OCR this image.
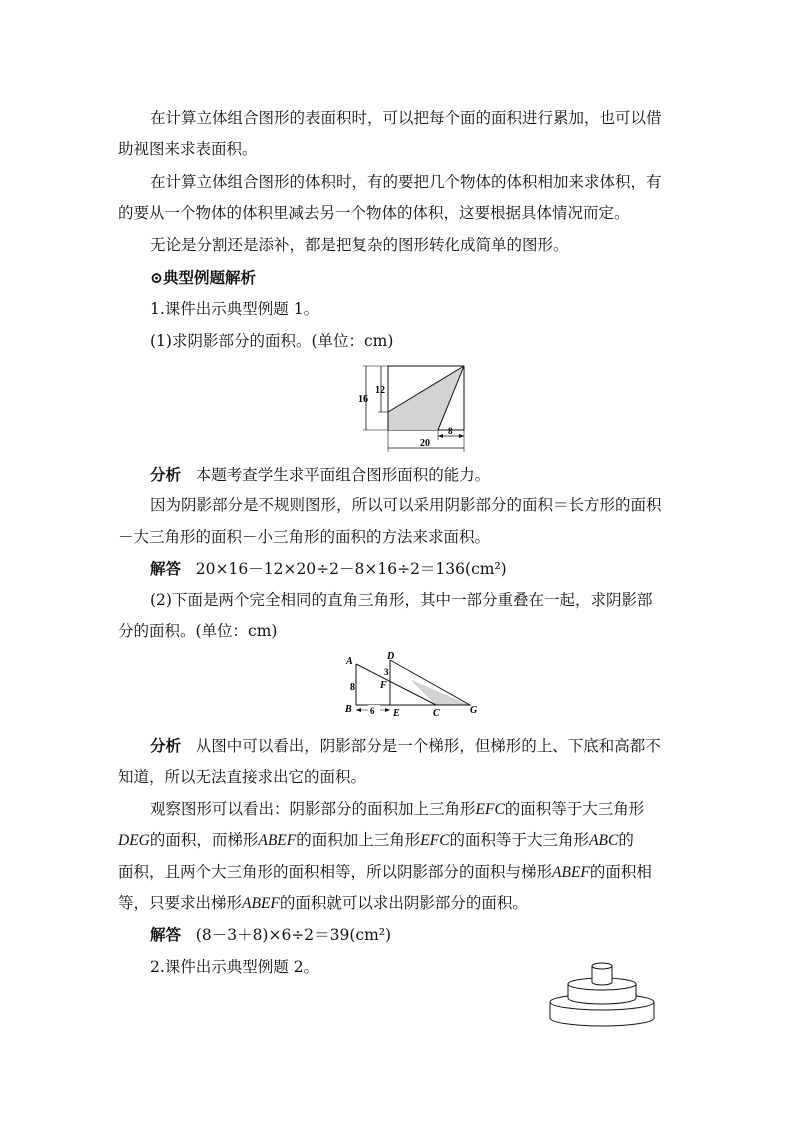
在计算立体组合图形的表面积时，可以把每个面的面积进行累加，也可以借
助视图来求表面积。
在计算立体组合图形的体积时，有的要把几个物体的体积相加来求体积，有
的要从一个物体的体积里减去另一个物体的体积，这要根据具体情况而定。
无论是分割还是添补，都是把复杂的图形转化成简单的图形。
⊙典型例题解析
1.课件出示典型例题 1。
(1)求阴影部分的面积。(单位：cm)
16
12
20
8
分析 本题考查学生求平面组合图形面积的能力。
因为阴影部分是不规则图形，所以可以采用阴影部分的面积＝长方形的面积
－大三角形的面积－小三角形的面积的方法来求面积。
解答 20×16－12×20÷2－8×16÷2＝136(cm²)
(2)下面是两个完全相同的直角三角形，其中一部分重叠在一起，求阴影部
分的面积。(单位：cm)
A
B	C
D
E
F
G
8
3
6
分析 从图中可以看出，阴影部分是一个梯形，但梯形的上、下底和高都不
知道，所以无法直接求出它的面积。
观察图形可以看出：阴影部分的面积加上三角形EFC的面积等于大三角形
DEG的面积，而梯形ABEF的面积加上三角形EFC的面积等于大三角形ABC的
面积，且两个大三角形的面积相等，所以阴影部分的面积与梯形ABEF的面积相
等，只要求出梯形ABEF的面积就可以求出阴影部分的面积。
解答 (8－3＋8)×6÷2＝39(cm²)
2.课件出示典型例题 2。
